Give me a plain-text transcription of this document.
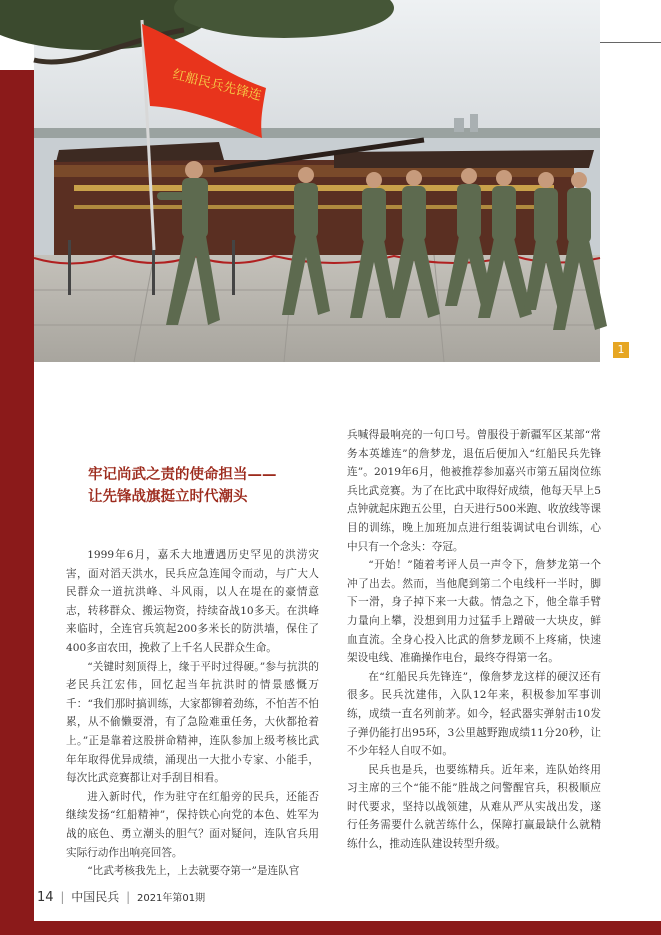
红船民兵先锋连
1
牢记尚武之责的使命担当——
让先锋战旗挺立时代潮头

1999年6月，嘉禾大地遭遇历史罕见的洪涝灾害，面对滔天洪水，民兵应急连闻令而动，与广大人民群众一道抗洪峰、斗风雨，以人在堤在的豪情意志，转移群众、搬运物资，持续奋战10多天。在洪峰来临时，全连官兵筑起200多米长的防洪墙，保住了400多亩农田，挽救了上千名人民群众生命。

“关键时刻顶得上，缘于平时过得硬。”参与抗洪的老民兵江宏伟，回忆起当年抗洪时的情景感慨万千：“我们那时搞训练，大家都铆着劲练，不怕苦不怕累，从不偷懒耍滑，有了急险难重任务，大伙都抢着上。”正是靠着这股拼命精神，连队参加上级考核比武年年取得优异成绩，涌现出一大批小专家、小能手，每次比武竞赛都让对手刮目相看。

进入新时代，作为驻守在红船旁的民兵，还能否继续发扬“红船精神”，保持铁心向党的本色、姓军为战的底色、勇立潮头的胆气？面对疑问，连队官兵用实际行动作出响亮回答。

“比武考核我先上，上去就要夺第一”是连队官

兵喊得最响亮的一句口号。曾服役于新疆军区某部“常务本英雄连”的詹梦龙，退伍后便加入“红船民兵先锋连”。2019年6月，他被推荐参加嘉兴市第五届岗位练兵比武竞赛。为了在比武中取得好成绩，他每天早上5点钟就起床跑五公里，白天进行500米跑、收放线等课目的训练，晚上加班加点进行组装调试电台训练，心中只有一个念头：夺冠。

“开始！”随着考评人员一声令下，詹梦龙第一个冲了出去。然而，当他爬到第二个电线杆一半时，脚下一滑，身子掉下来一大截。情急之下，他全靠手臂力量向上攀，没想到用力过猛手上蹭破一大块皮，鲜血直流。全身心投入比武的詹梦龙顾不上疼痛，快速架设电线、准确操作电台，最终夺得第一名。

在“红船民兵先锋连”，像詹梦龙这样的硬汉还有很多。民兵沈建伟，入队12年来，积极参加军事训练，成绩一直名列前茅。如今，轻武器实弹射击10发子弹仍能打出95环，3公里越野跑成绩11分20秒，让不少年轻人自叹不如。

民兵也是兵，也要练精兵。近年来，连队始终用习主席的三个“能不能”胜战之问警醒官兵，积极顺应时代要求，坚持以战领建，从难从严从实战出发，遂行任务需要什么就苦练什么，保障打赢最缺什么就精练什么，推动连队建设转型升级。

14 | 中国民兵 | 2021年第01期
